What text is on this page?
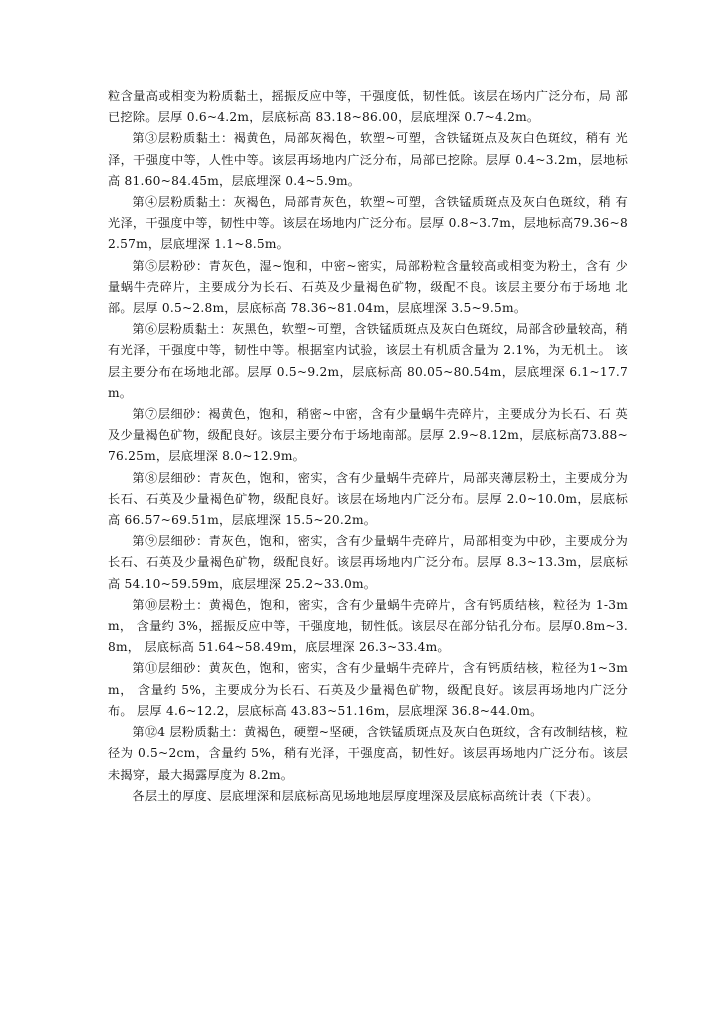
粒含量高或相变为粉质黏土，摇振反应中等，干强度低，韧性低。该层在场内广泛分布，局 部已挖除。层厚 0.6~4.2m，层底标高 83.18~86.00，层底埋深 0.7~4.2m。

第③层粉质黏土：褐黄色，局部灰褐色，软塑~可塑，含铁锰斑点及灰白色斑纹，稍有 光泽，干强度中等，人性中等。该层再场地内广泛分布，局部已挖除。层厚 0.4~3.2m，层地标高 81.60~84.45m，层底埋深 0.4~5.9m。

第④层粉质黏土：灰褐色，局部青灰色，软塑~可塑，含铁锰质斑点及灰白色斑纹，稍 有光泽，干强度中等，韧性中等。该层在场地内广泛分布。层厚 0.8~3.7m，层地标高79.36~82.57m，层底埋深 1.1~8.5m。

第⑤层粉砂：青灰色，湿~饱和，中密~密实，局部粉粒含量较高或相变为粉土，含有 少量蜗牛壳碎片，主要成分为长石、石英及少量褐色矿物，级配不良。该层主要分布于场地 北部。层厚 0.5~2.8m，层底标高 78.36~81.04m，层底埋深 3.5~9.5m。

第⑥层粉质黏土：灰黑色，软塑~可塑，含铁锰质斑点及灰白色斑纹，局部含砂量较高，稍有光泽，干强度中等，韧性中等。根据室内试验，该层土有机质含量为 2.1%，为无机土。 该层主要分布在场地北部。层厚 0.5~9.2m，层底标高 80.05~80.54m，层底埋深 6.1~17.7m。

第⑦层细砂：褐黄色，饱和，稍密~中密，含有少量蜗牛壳碎片，主要成分为长石、石 英及少量褐色矿物，级配良好。该层主要分布于场地南部。层厚 2.9~8.12m，层底标高73.88~76.25m，层底埋深 8.0~12.9m。

第⑧层细砂：青灰色，饱和，密实，含有少量蜗牛壳碎片，局部夹薄层粉土，主要成分为长石、石英及少量褐色矿物，级配良好。该层在场地内广泛分布。层厚 2.0~10.0m，层底标高 66.57~69.51m，层底埋深 15.5~20.2m。

第⑨层细砂：青灰色，饱和，密实，含有少量蜗牛壳碎片，局部相变为中砂，主要成分为长石、石英及少量褐色矿物，级配良好。该层再场地内广泛分布。层厚 8.3~13.3m，层底标高 54.10~59.59m，底层埋深 25.2~33.0m。

第⑩层粉土：黄褐色，饱和，密实，含有少量蜗牛壳碎片，含有钙质结核，粒径为 1-3mm， 含量约 3%，摇振反应中等，干强度地，韧性低。该层尽在部分钻孔分布。层厚0.8m~3.8m， 层底标高 51.64~58.49m，底层埋深 26.3~33.4m。

第⑪层细砂：黄灰色，饱和，密实，含有少量蜗牛壳碎片，含有钙质结核，粒径为1~3mm， 含量约 5%，主要成分为长石、石英及少量褐色矿物，级配良好。该层再场地内广泛分布。 层厚 4.6~12.2，层底标高 43.83~51.16m，层底埋深 36.8~44.0m。

第⑫4 层粉质黏土：黄褐色，硬塑~坚硬，含铁锰质斑点及灰白色斑纹，含有改制结核，粒径为 0.5~2cm，含量约 5%，稍有光泽，干强度高，韧性好。该层再场地内广泛分布。该层未揭穿，最大揭露厚度为 8.2m。

各层土的厚度、层底埋深和层底标高见场地地层厚度埋深及层底标高统计表（下表）。
